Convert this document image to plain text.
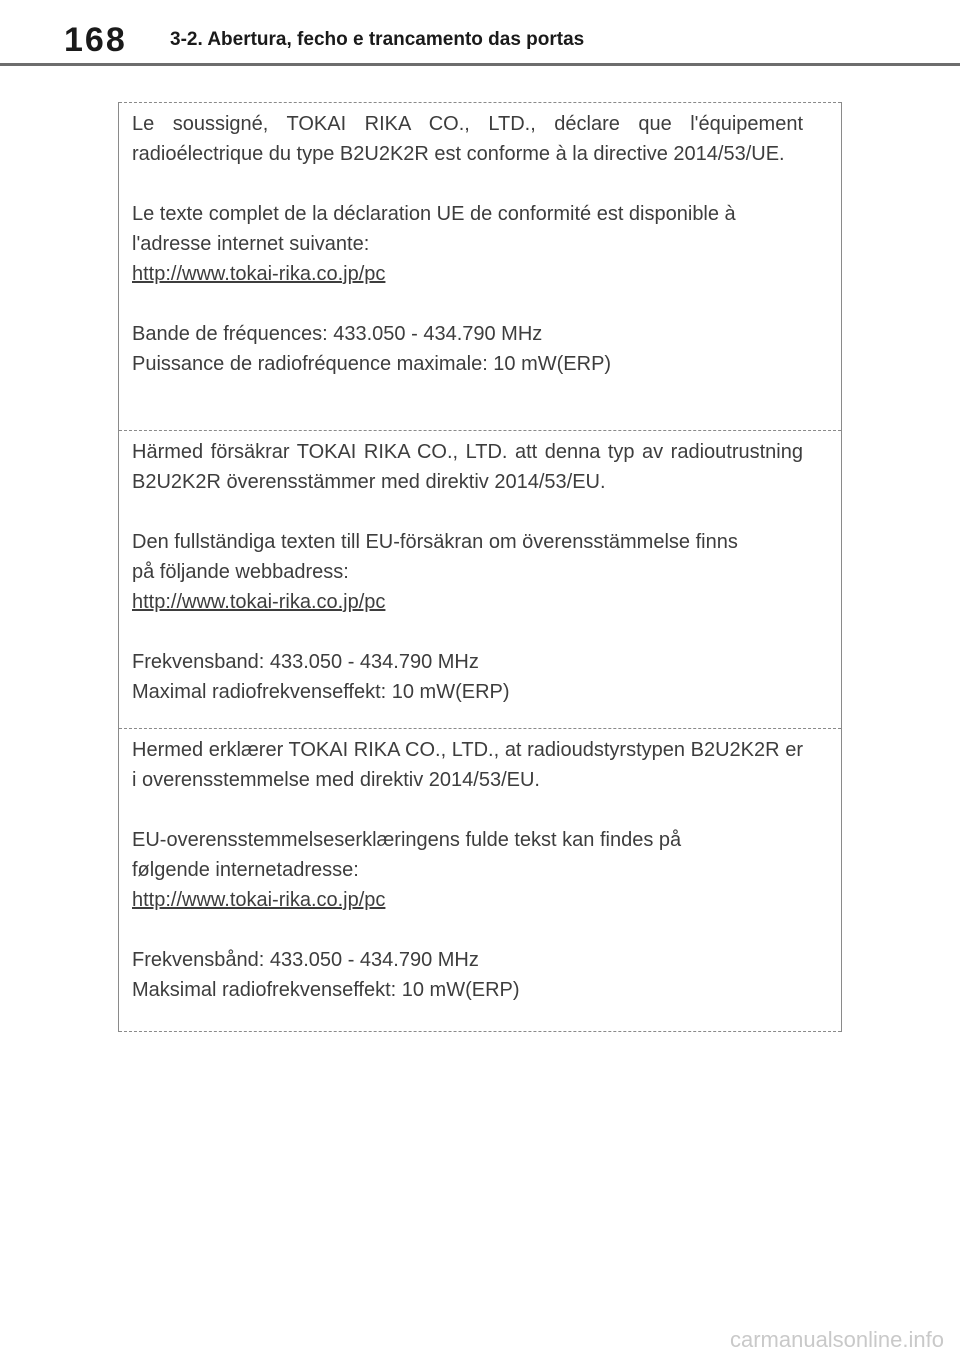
168 3-2. Abertura, fecho e trancamento das portas

Le soussigné, TOKAI RIKA CO., LTD., déclare que l'équipement radioélectrique du type B2U2K2R est conforme à la directive 2014/53/UE.

Le texte complet de la déclaration UE de conformité est disponible à

l'adresse internet suivante:

http://www.tokai-rika.co.jp/pc

Bande de fréquences: 433.050 - 434.790 MHz

Puissance de radiofréquence maximale: 10 mW(ERP)

Härmed försäkrar TOKAI RIKA CO., LTD. att denna typ av radioutrustning B2U2K2R överensstämmer med direktiv 2014/53/EU.

Den fullständiga texten till EU-försäkran om överensstämmelse finns

på följande webbadress:

http://www.tokai-rika.co.jp/pc

Frekvensband: 433.050 - 434.790 MHz

Maximal radiofrekvenseffekt: 10 mW(ERP)

Hermed erklærer TOKAI RIKA CO., LTD., at radioudstyrstypen B2U2K2R er i overensstemmelse med direktiv 2014/53/EU.

EU-overensstemmelseserklæringens fulde tekst kan findes på

følgende internetadresse:

http://www.tokai-rika.co.jp/pc

Frekvensbånd: 433.050 - 434.790 MHz

Maksimal radiofrekvenseffekt: 10 mW(ERP)

carmanualsonline.info
